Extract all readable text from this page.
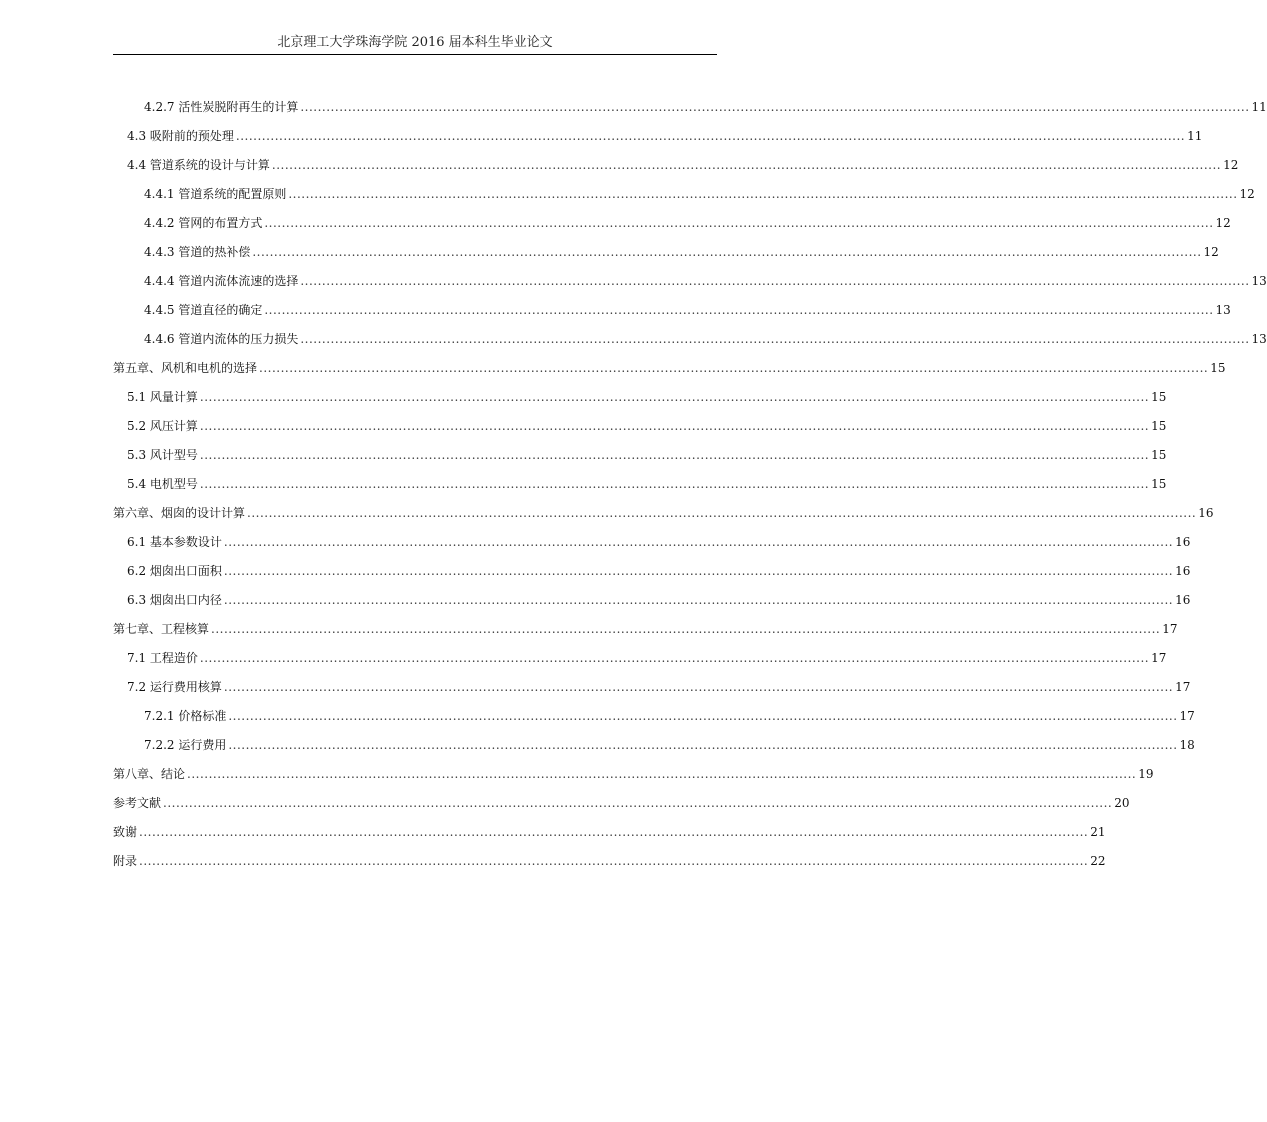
北京理工大学珠海学院 2016 届本科生毕业论文
4.2.7 活性炭脱附再生的计算 ............................................................................................................................................................................................................................ 11
4.3 吸附前的预处理 ............................................................................................................................................................................................................................ 11
4.4 管道系统的设计与计算 ............................................................................................................................................................................................................................ 12
4.4.1 管道系统的配置原则 ............................................................................................................................................................................................................................ 12
4.4.2 管网的布置方式 ............................................................................................................................................................................................................................ 12
4.4.3 管道的热补偿 ............................................................................................................................................................................................................................ 12
4.4.4 管道内流体流速的选择 ............................................................................................................................................................................................................................ 13
4.4.5 管道直径的确定 ............................................................................................................................................................................................................................ 13
4.4.6 管道内流体的压力损失 ............................................................................................................................................................................................................................ 13
第五章、风机和电机的选择 ............................................................................................................................................................................................................................ 15
5.1 风量计算 ............................................................................................................................................................................................................................ 15
5.2 风压计算 ............................................................................................................................................................................................................................ 15
5.3 风计型号 ............................................................................................................................................................................................................................ 15
5.4 电机型号 ............................................................................................................................................................................................................................ 15
第六章、烟囱的设计计算 ............................................................................................................................................................................................................................ 16
6.1 基本参数设计 ............................................................................................................................................................................................................................ 16
6.2 烟囱出口面积 ............................................................................................................................................................................................................................ 16
6.3 烟囱出口内径 ............................................................................................................................................................................................................................ 16
第七章、工程核算 ............................................................................................................................................................................................................................ 17
7.1 工程造价 ............................................................................................................................................................................................................................ 17
7.2 运行费用核算 ............................................................................................................................................................................................................................ 17
7.2.1 价格标准 ............................................................................................................................................................................................................................ 17
7.2.2 运行费用 ............................................................................................................................................................................................................................ 18
第八章、结论 ............................................................................................................................................................................................................................ 19
参考文献 ............................................................................................................................................................................................................................ 20
致谢 ............................................................................................................................................................................................................................ 21
附录 ............................................................................................................................................................................................................................ 22
